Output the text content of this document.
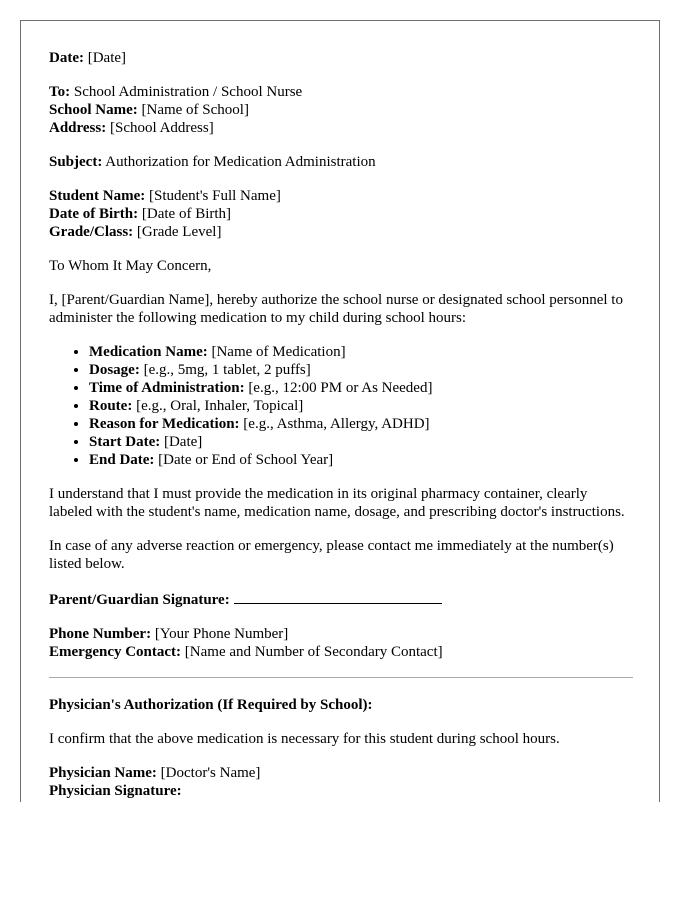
Date: [Date]

To: School Administration / School Nurse
School Name: [Name of School]
Address: [School Address]

Subject: Authorization for Medication Administration

Student Name: [Student's Full Name]
Date of Birth: [Date of Birth]
Grade/Class: [Grade Level]

To Whom It May Concern,

I, [Parent/Guardian Name], hereby authorize the school nurse or designated school personnel to administer the following medication to my child during school hours:

• Medication Name: [Name of Medication]
• Dosage: [e.g., 5mg, 1 tablet, 2 puffs]
• Time of Administration: [e.g., 12:00 PM or As Needed]
• Route: [e.g., Oral, Inhaler, Topical]
• Reason for Medication: [e.g., Asthma, Allergy, ADHD]
• Start Date: [Date]
• End Date: [Date or End of School Year]

I understand that I must provide the medication in its original pharmacy container, clearly labeled with the student's name, medication name, dosage, and prescribing doctor's instructions.

In case of any adverse reaction or emergency, please contact me immediately at the number(s) listed below.

Parent/Guardian Signature:

Phone Number: [Your Phone Number]
Emergency Contact: [Name and Number of Secondary Contact]

Physician's Authorization (If Required by School):

I confirm that the above medication is necessary for this student during school hours.

Physician Name: [Doctor's Name]
Physician Signature:
